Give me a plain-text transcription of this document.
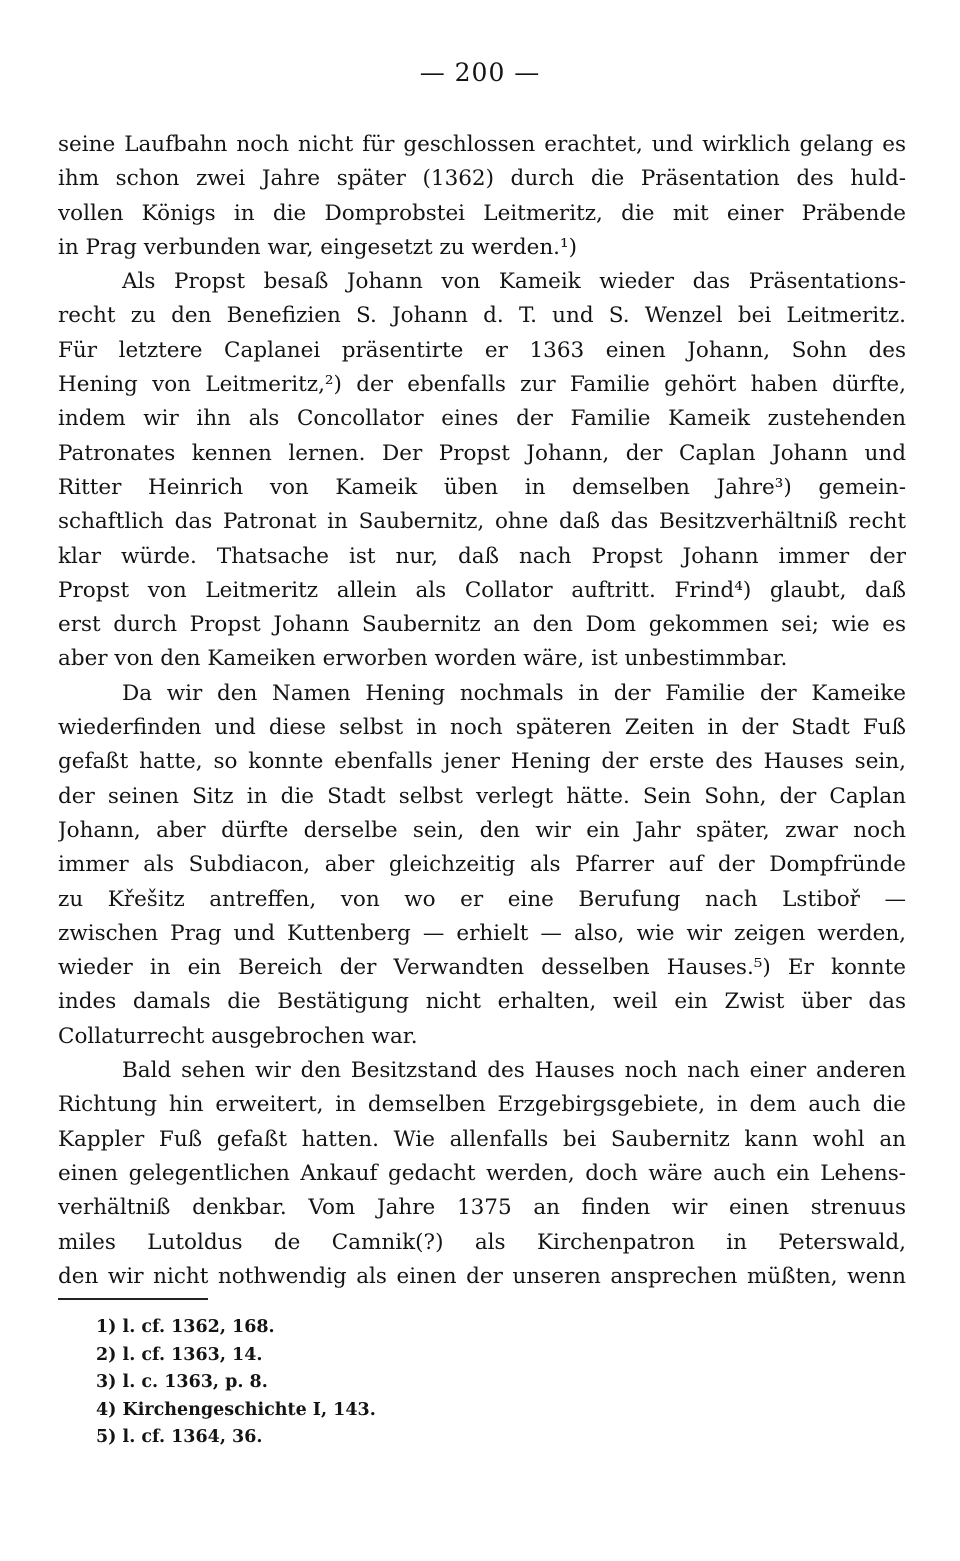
— 200 —
seine Laufbahn noch nicht für geschlossen erachtet, und wirklich gelang es
ihm schon zwei Jahre später (1362) durch die Präsentation des huld-
vollen Königs in die Domprobstei Leitmeritz, die mit einer Präbende
in Prag verbunden war, eingesetzt zu werden.¹)
Als Propst besaß Johann von Kameik wieder das Präsentations-
recht zu den Benefizien S. Johann d. T. und S. Wenzel bei Leitmeritz.
Für letztere Caplanei präsentirte er 1363 einen Johann, Sohn des
Hening von Leitmeritz,²) der ebenfalls zur Familie gehört haben dürfte,
indem wir ihn als Concollator eines der Familie Kameik zustehenden
Patronates kennen lernen. Der Propst Johann, der Caplan Johann und
Ritter Heinrich von Kameik üben in demselben Jahre³) gemein-
schaftlich das Patronat in Saubernitz, ohne daß das Besitzverhältniß recht
klar würde. Thatsache ist nur, daß nach Propst Johann immer der
Propst von Leitmeritz allein als Collator auftritt. Frind⁴) glaubt, daß
erst durch Propst Johann Saubernitz an den Dom gekommen sei; wie es
aber von den Kameiken erworben worden wäre, ist unbestimmbar.
Da wir den Namen Hening nochmals in der Familie der Kameike
wiederfinden und diese selbst in noch späteren Zeiten in der Stadt Fuß
gefaßt hatte, so konnte ebenfalls jener Hening der erste des Hauses sein,
der seinen Sitz in die Stadt selbst verlegt hätte. Sein Sohn, der Caplan
Johann, aber dürfte derselbe sein, den wir ein Jahr später, zwar noch
immer als Subdiacon, aber gleichzeitig als Pfarrer auf der Dompfründe
zu Křešitz antreffen, von wo er eine Berufung nach Lstiboř —
zwischen Prag und Kuttenberg — erhielt — also, wie wir zeigen werden,
wieder in ein Bereich der Verwandten desselben Hauses.⁵) Er konnte
indes damals die Bestätigung nicht erhalten, weil ein Zwist über das
Collaturrecht ausgebrochen war.
Bald sehen wir den Besitzstand des Hauses noch nach einer anderen
Richtung hin erweitert, in demselben Erzgebirgsgebiete, in dem auch die
Kappler Fuß gefaßt hatten. Wie allenfalls bei Saubernitz kann wohl an
einen gelegentlichen Ankauf gedacht werden, doch wäre auch ein Lehens-
verhältniß denkbar. Vom Jahre 1375 an finden wir einen strenuus
miles Lutoldus de Camnik(?) als Kirchenpatron in Peterswald,
den wir nicht nothwendig als einen der unseren ansprechen müßten, wenn
1) l. cf. 1362, 168.
2) l. cf. 1363, 14.
3) l. c. 1363, p. 8.
4) Kirchengeschichte I, 143.
5) l. cf. 1364, 36.
